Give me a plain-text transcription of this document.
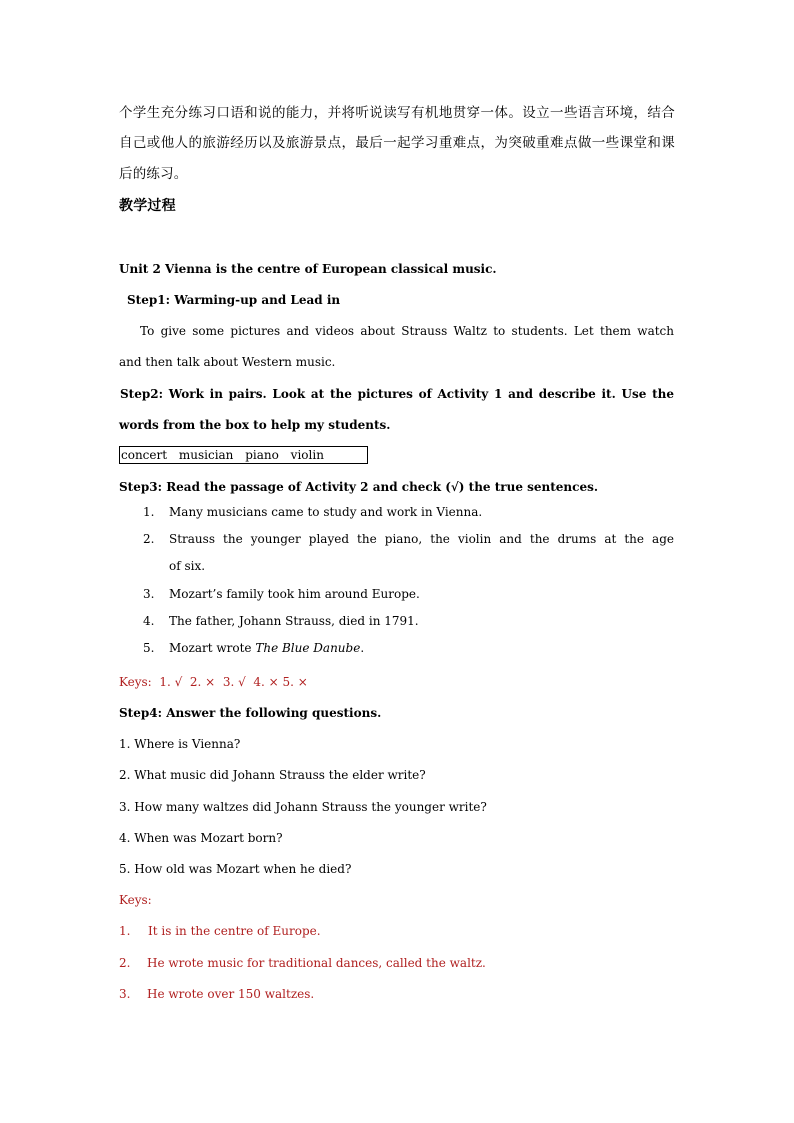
个学生充分练习口语和说的能力，并将听说读写有机地贯穿一体。设立一些语言环境，结合
自己或他人的旅游经历以及旅游景点，最后一起学习重难点，为突破重难点做一些课堂和课
后的练习。
教学过程
Unit 2 Vienna is the centre of European classical music.
Step1: Warming-up and Lead in
To give some pictures and videos about Strauss Waltz to students. Let them watch
and then talk about Western music.
Step2: Work in pairs. Look at the pictures of Activity 1 and describe it. Use the
words from the box to help my students.
concert musician piano violin
Step3: Read the passage of Activity 2 and check (√) the true sentences.
1. Many musicians came to study and work in Vienna.
2. Strauss the younger played the piano, the violin and the drums at the age
of six.
3. Mozart’s family took him around Europe.
4. The father, Johann Strauss, died in 1791.
5. Mozart wrote The Blue Danube.
Keys:  1. √  2. ×  3. √  4. × 5. ×
Step4: Answer the following questions.
1. Where is Vienna?
2. What music did Johann Strauss the elder write?
3. How many waltzes did Johann Strauss the younger write?
4. When was Mozart born?
5. How old was Mozart when he died?
Keys:
1. It is in the centre of Europe.
2. He wrote music for traditional dances, called the waltz.
3. He wrote over 150 waltzes.
